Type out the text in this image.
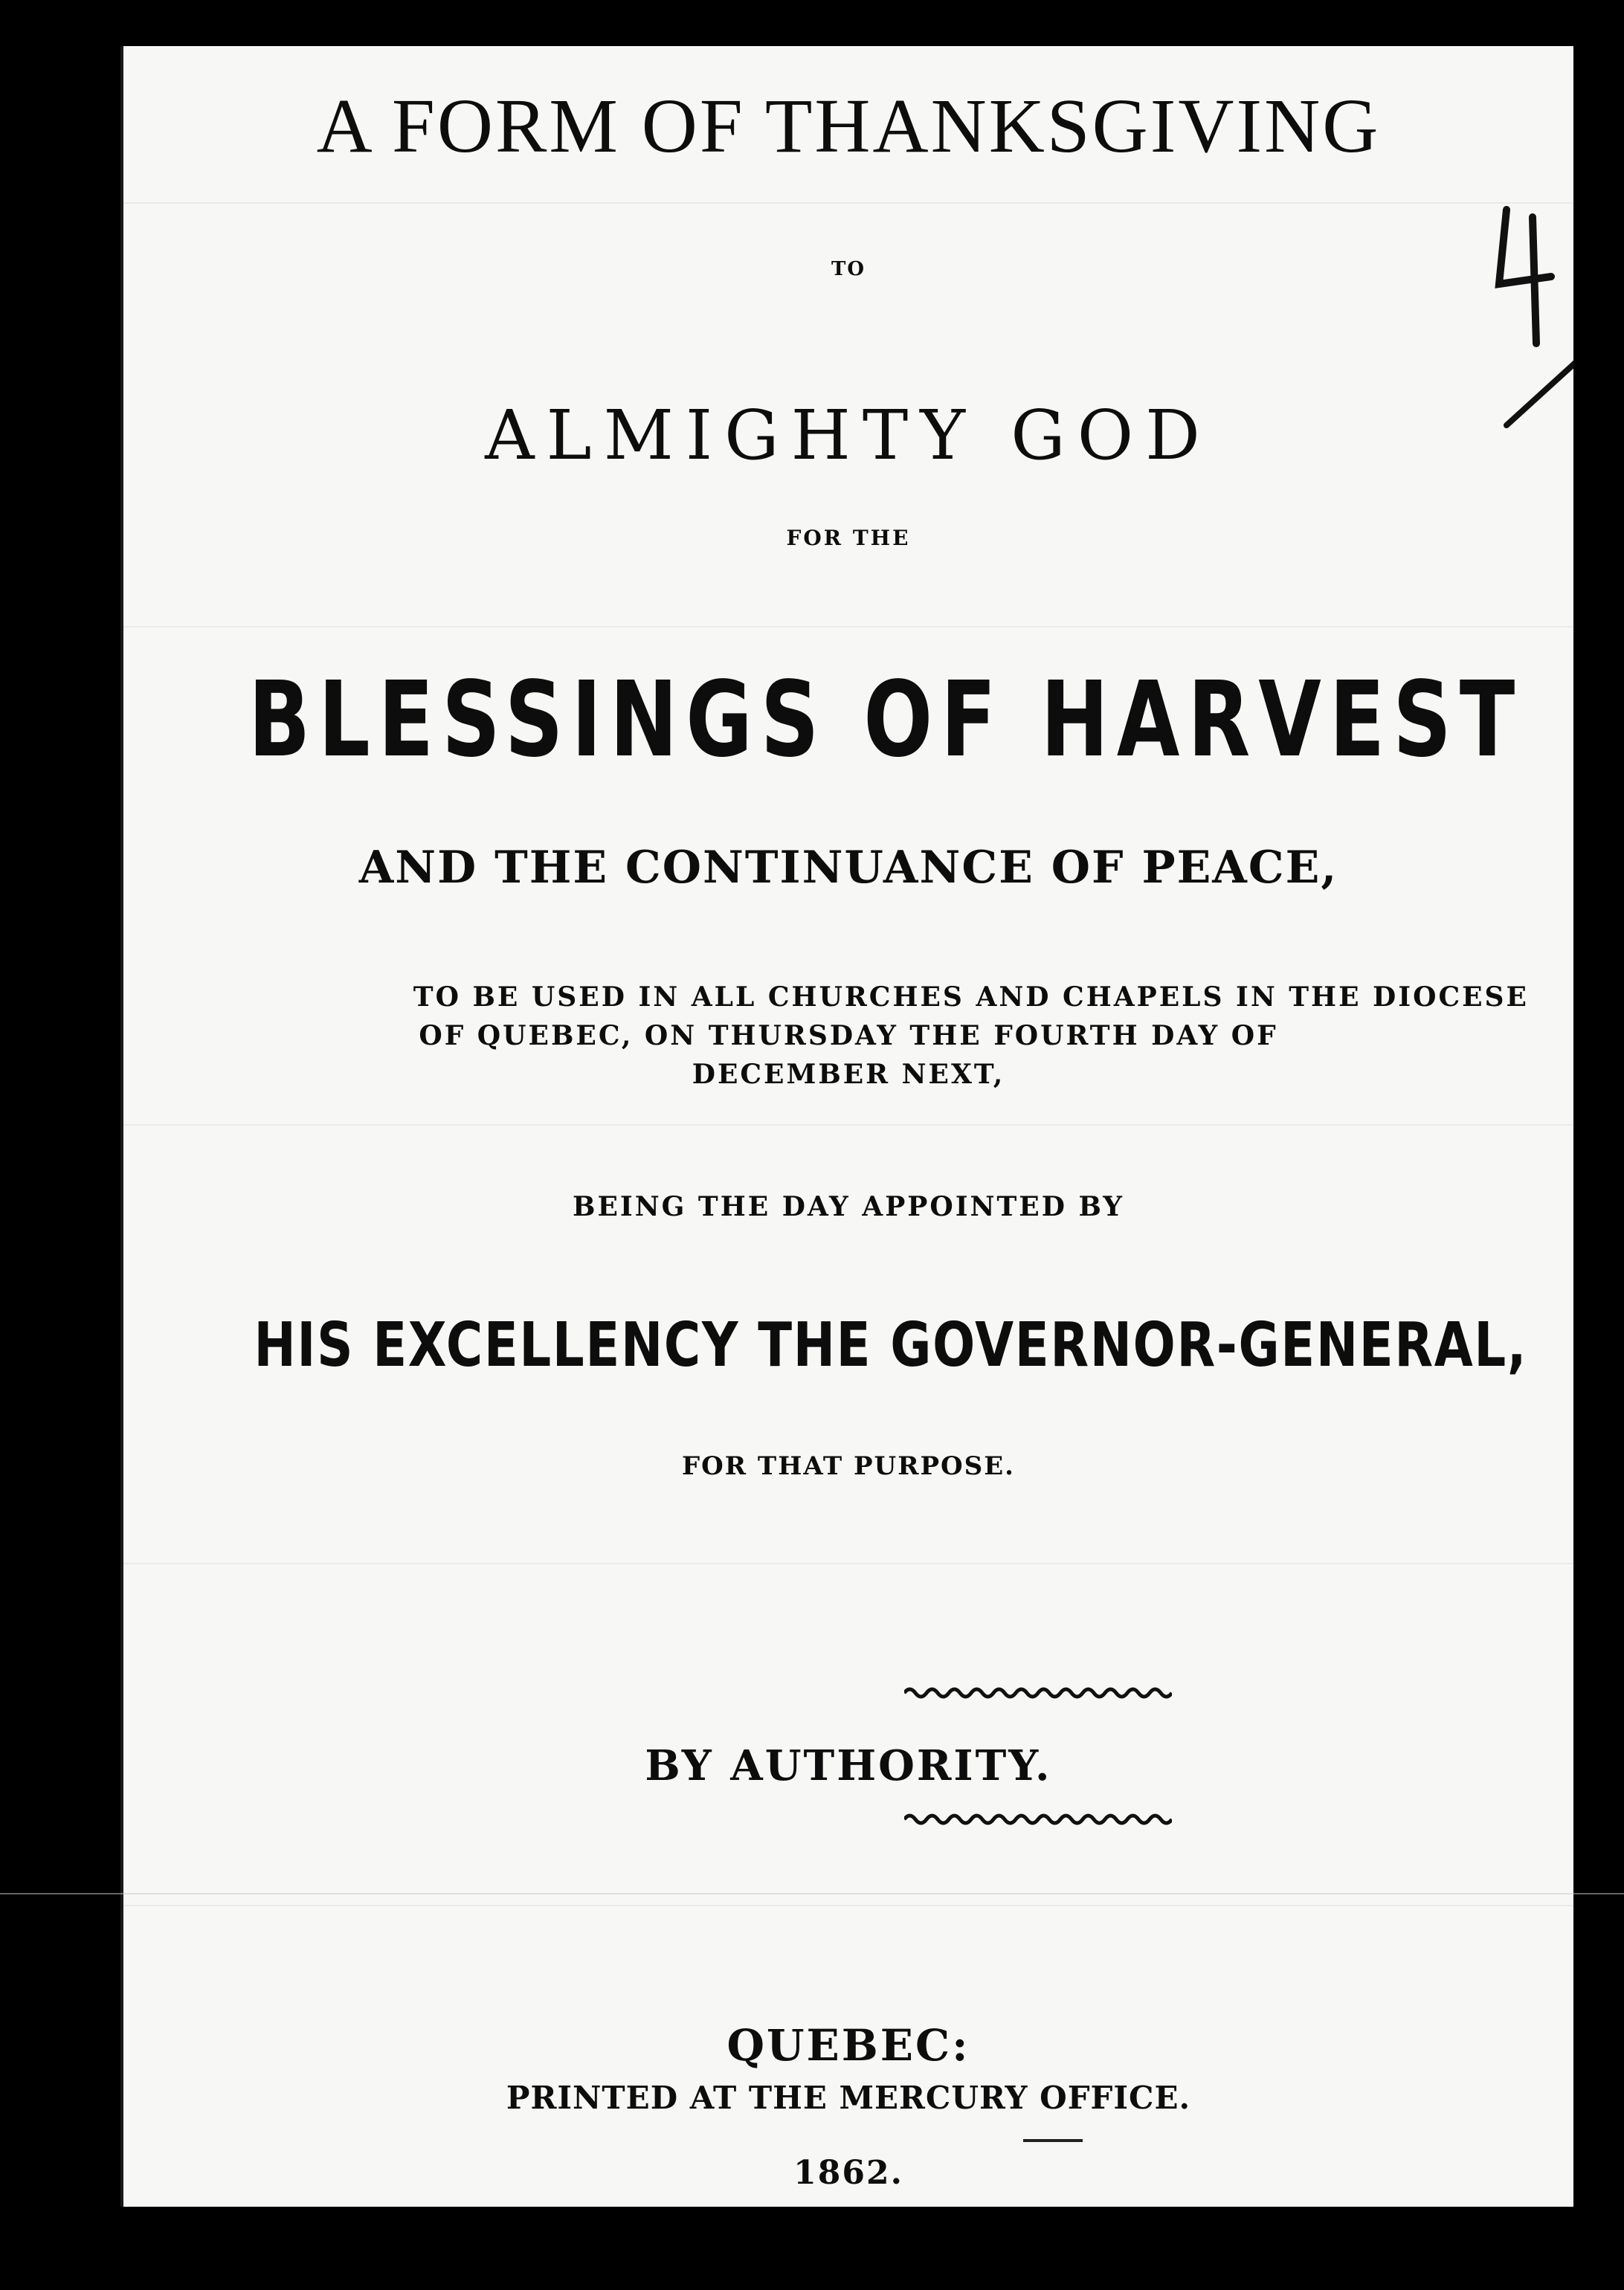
A FORM OF THANKSGIVING
TO
ALMIGHTY GOD
FOR THE
BLESSINGS OF HARVEST
AND THE CONTINUANCE OF PEACE,
TO BE USED IN ALL CHURCHES AND CHAPELS IN THE DIOCESE
OF QUEBEC, ON THURSDAY THE FOURTH DAY OF
DECEMBER NEXT,
BEING THE DAY APPOINTED BY
HIS EXCELLENCY THE GOVERNOR-GENERAL,
FOR THAT PURPOSE.
BY AUTHORITY.
QUEBEC:
PRINTED AT THE MERCURY OFFICE.
1862.
